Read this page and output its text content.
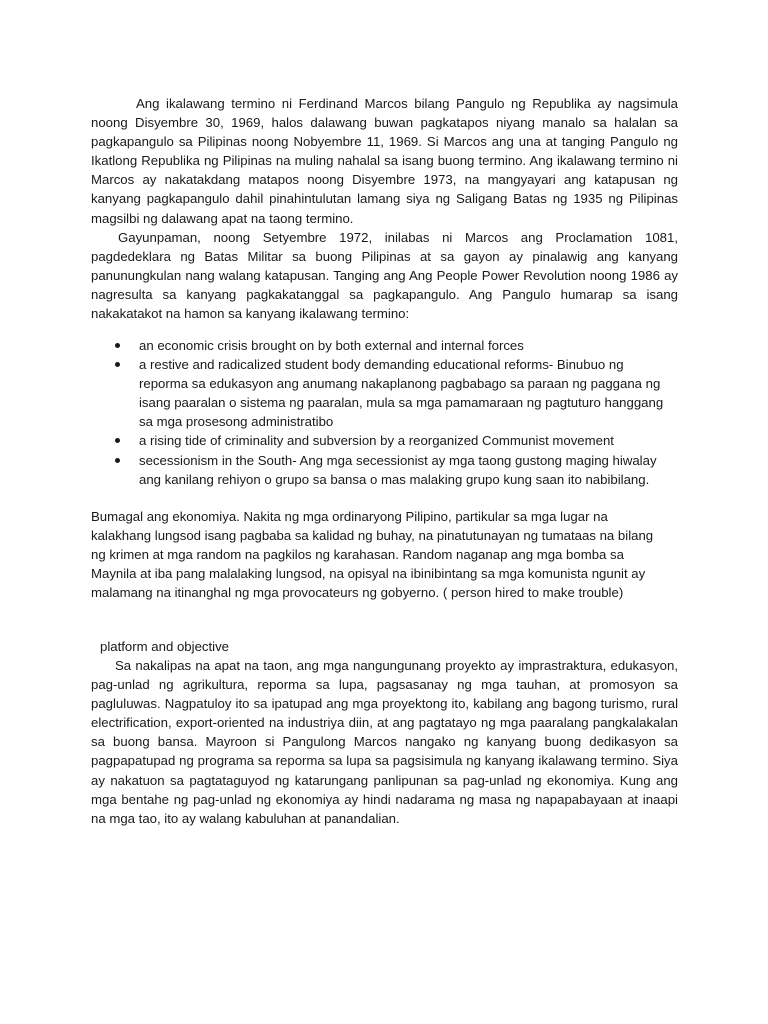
Ang ikalawang termino ni Ferdinand Marcos bilang Pangulo ng Republika ay nagsimula noong Disyembre 30, 1969, halos dalawang buwan pagkatapos niyang manalo sa halalan sa pagkapangulo sa Pilipinas noong Nobyembre 11, 1969. Si Marcos ang una at tanging Pangulo ng Ikatlong Republika ng Pilipinas na muling nahalal sa isang buong termino. Ang ikalawang termino ni Marcos ay nakatakdang matapos noong Disyembre 1973, na mangyayari ang katapusan ng kanyang pagkapangulo dahil pinahintulutan lamang siya ng Saligang Batas ng 1935 ng Pilipinas magsilbi ng dalawang apat na taong termino.

Gayunpaman, noong Setyembre 1972, inilabas ni Marcos ang Proclamation 1081, pagdedeklara ng Batas Militar sa buong Pilipinas at sa gayon ay pinalawig ang kanyang panunungkulan nang walang katapusan. Tanging ang Ang People Power Revolution noong 1986 ay nagresulta sa kanyang pagkakatanggal sa pagkapangulo. Ang Pangulo humarap sa isang nakakatakot na hamon sa kanyang ikalawang termino:

an economic crisis brought on by both external and internal forces
a restive and radicalized student body demanding educational reforms- Binubuo ng reporma sa edukasyon ang anumang nakaplanong pagbabago sa paraan ng paggana ng isang paaralan o sistema ng paaralan, mula sa mga pamamaraan ng pagtuturo hanggang sa mga prosesong administratibo
a rising tide of criminality and subversion by a reorganized Communist movement
secessionism in the South- Ang mga secessionist ay mga taong gustong maging hiwalay ang kanilang rehiyon o grupo sa bansa o mas malaking grupo kung saan ito nabibilang.

Bumagal ang ekonomiya. Nakita ng mga ordinaryong Pilipino, partikular sa mga lugar na kalakhang lungsod isang pagbaba sa kalidad ng buhay, na pinatutunayan ng tumataas na bilang ng krimen at mga random na pagkilos ng karahasan. Random naganap ang mga bomba sa Maynila at iba pang malalaking lungsod, na opisyal na ibinibintang sa mga komunista ngunit ay malamang na itinanghal ng mga provocateurs ng gobyerno. ( person hired to make trouble)

platform and objective

Sa nakalipas na apat na taon, ang mga nangungunang proyekto ay imprastraktura, edukasyon, pag-unlad ng agrikultura, reporma sa lupa, pagsasanay ng mga tauhan, at promosyon sa pagluluwas. Nagpatuloy ito sa ipatupad ang mga proyektong ito, kabilang ang bagong turismo, rural electrification, export-oriented na industriya diin, at ang pagtatayo ng mga paaralang pangkalakalan sa buong bansa. Mayroon si Pangulong Marcos nangako ng kanyang buong dedikasyon sa pagpapatupad ng programa sa reporma sa lupa sa pagsisimula ng kanyang ikalawang termino. Siya ay nakatuon sa pagtataguyod ng katarungang panlipunan sa pag-unlad ng ekonomiya. Kung ang mga bentahe ng pag-unlad ng ekonomiya ay hindi nadarama ng masa ng napapabayaan at inaapi na mga tao, ito ay walang kabuluhan at panandalian.
